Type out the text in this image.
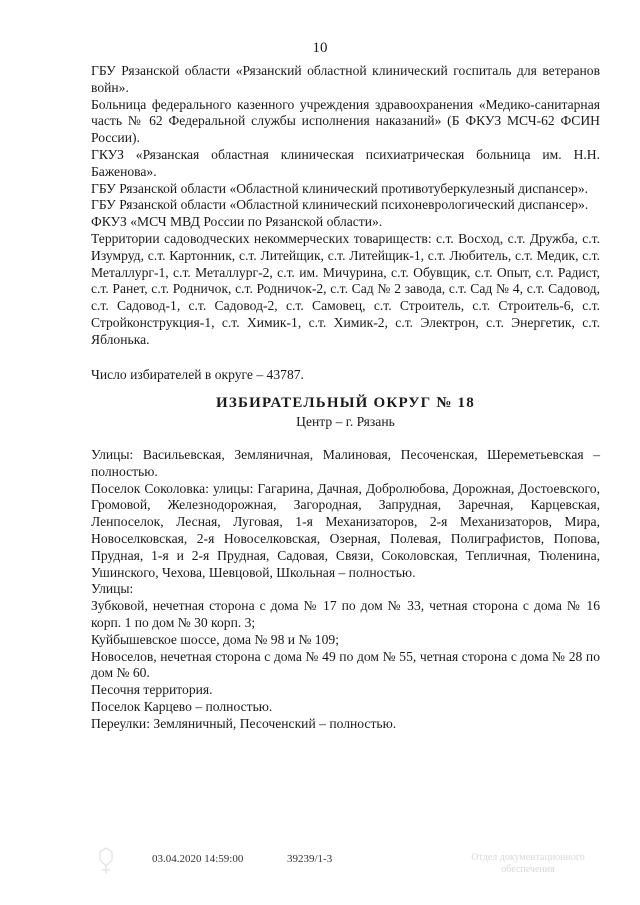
10

ГБУ Рязанской области «Рязанский областной клинический госпиталь для ветеранов войн».

Больница федерального казенного учреждения здравоохранения «Медико-санитарная часть № 62 Федеральной службы исполнения наказаний» (Б ФКУЗ МСЧ-62 ФСИН России).

ГКУЗ «Рязанская областная клиническая психиатрическая больница им. Н.Н. Баженова».

ГБУ Рязанской области «Областной клинический противотуберкулезный диспансер».

ГБУ Рязанской области «Областной клинический психоневрологический диспансер».

ФКУЗ «МСЧ МВД России по Рязанской области».

Территории садоводческих некоммерческих товариществ: с.т. Восход, с.т. Дружба, с.т. Изумруд, с.т. Картонник, с.т. Литейщик, с.т. Литейщик-1, с.т. Любитель, с.т. Медик, с.т. Металлург-1, с.т. Металлург-2, с.т. им. Мичурина, с.т. Обувщик, с.т. Опыт, с.т. Радист, с.т. Ранет, с.т. Родничок, с.т. Родничок-2, с.т. Сад № 2 завода, с.т. Сад № 4, с.т. Садовод, с.т. Садовод-1, с.т. Садовод-2, с.т. Самовец, с.т. Строитель, с.т. Строитель-6, с.т. Стройконструкция-1, с.т. Химик-1, с.т. Химик-2, с.т. Электрон, с.т. Энергетик, с.т. Яблонька.

Число избирателей в округе – 43787.

ИЗБИРАТЕЛЬНЫЙ ОКРУГ № 18
Центр – г. Рязань

Улицы: Васильевская, Земляничная, Малиновая, Песоченская, Шереметьевская – полностью.

Поселок Соколовка: улицы: Гагарина, Дачная, Добролюбова, Дорожная, Достоевского, Громовой, Железнодорожная, Загородная, Запрудная, Заречная, Карцевская, Ленпоселок, Лесная, Луговая, 1-я Механизаторов, 2-я Механизаторов, Мира, Новоселковская, 2-я Новоселковская, Озерная, Полевая, Полиграфистов, Попова, Прудная, 1-я и 2-я Прудная, Садовая, Связи, Соколовская, Тепличная, Тюленина, Ушинского, Чехова, Шевцовой, Школьная – полностью.

Улицы:

Зубковой, нечетная сторона с дома № 17 по дом № 33, четная сторона с дома № 16 корп. 1 по дом № 30 корп. 3;

Куйбышевское шоссе, дома № 98 и № 109;

Новоселов, нечетная сторона с дома № 49 по дом № 55, четная сторона с дома № 28 по дом № 60.

Песочня территория.

Поселок Карцево – полностью.

Переулки: Земляничный, Песоченский – полностью.

03.04.2020 14:59:00	39239/1-3	Отдел документационного
обеспечения
